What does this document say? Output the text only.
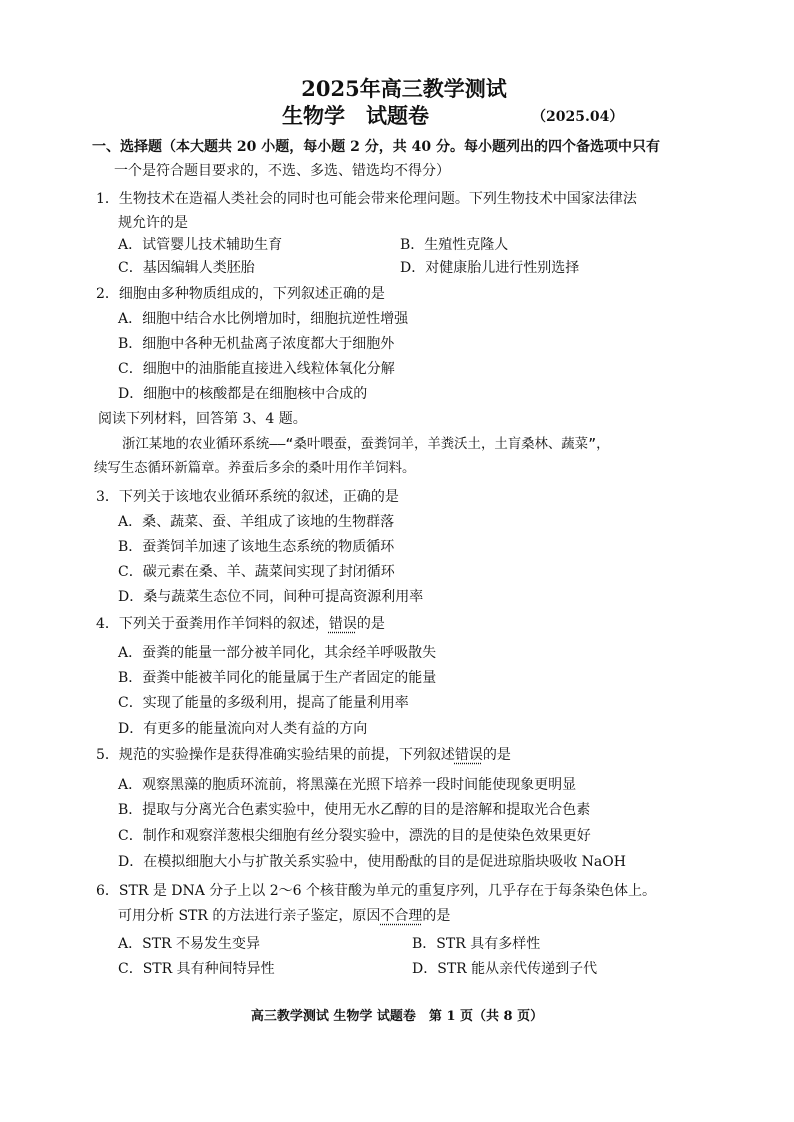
2025年高三教学测试
生物学　试题卷	（2025.04）
一、选择题（本大题共 20 小题，每小题 2 分，共 40 分。每小题列出的四个备选项中只有
一个是符合题目要求的，不选、多选、错选均不得分）
1．生物技术在造福人类社会的同时也可能会带来伦理问题。下列生物技术中国家法律法
规允许的是
A．试管婴儿技术辅助生育	B．生殖性克隆人
C．基因编辑人类胚胎	D．对健康胎儿进行性别选择
2．细胞由多种物质组成的，下列叙述正确的是
A．细胞中结合水比例增加时，细胞抗逆性增强
B．细胞中各种无机盐离子浓度都大于细胞外
C．细胞中的油脂能直接进入线粒体氧化分解
D．细胞中的核酸都是在细胞核中合成的
阅读下列材料，回答第 3、4 题。
浙江某地的农业循环系统——“桑叶喂蚕，蚕粪饲羊，羊粪沃土，土肓桑林、蔬菜”，
续写生态循环新篇章。养蚕后多余的桑叶用作羊饲料。
3．下列关于该地农业循环系统的叙述，正确的是
A．桑、蔬菜、蚕、羊组成了该地的生物群落
B．蚕粪饲羊加速了该地生态系统的物质循环
C．碳元素在桑、羊、蔬菜间实现了封闭循环
D．桑与蔬菜生态位不同，间种可提高资源利用率
4．下列关于蚕粪用作羊饲料的叙述，错误的是
A．蚕粪的能量一部分被羊同化，其余经羊呼吸散失
B．蚕粪中能被羊同化的能量属于生产者固定的能量
C．实现了能量的多级利用，提高了能量利用率
D．有更多的能量流向对人类有益的方向
5．规范的实验操作是获得准确实验结果的前提，下列叙述错误的是
A．观察黑藻的胞质环流前，将黑藻在光照下培养一段时间能使现象更明显
B．提取与分离光合色素实验中，使用无水乙醇的目的是溶解和提取光合色素
C．制作和观察洋葱根尖细胞有丝分裂实验中，漂洗的目的是使染色效果更好
D．在模拟细胞大小与扩散关系实验中，使用酚酞的目的是促进琼脂块吸收 NaOH
6．STR 是 DNA 分子上以 2～6 个核苷酸为单元的重复序列，几乎存在于每条染色体上。
可用分析 STR 的方法进行亲子鉴定，原因不合理的是
A．STR 不易发生变异	B．STR 具有多样性
C．STR 具有种间特异性	D．STR 能从亲代传递到子代
高三教学测试 生物学 试题卷　第 1 页（共 8 页）
